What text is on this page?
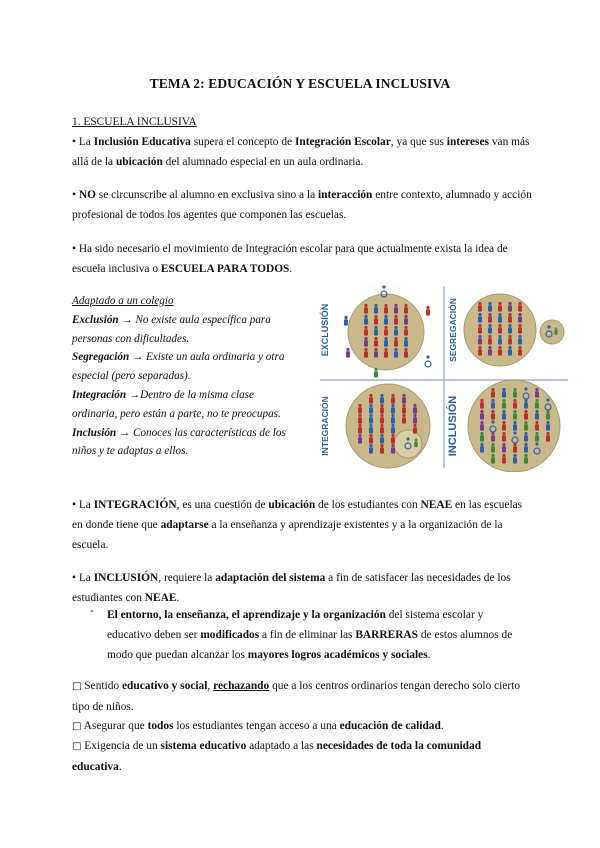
TEMA 2: EDUCACIÓN Y ESCUELA INCLUSIVA
1. ESCUELA INCLUSIVA
• La Inclusión Educativa supera el concepto de Integración Escolar, ya que sus intereses van más allá de la ubicación del alumnado especial en un aula ordinaria.
• NO se circunscribe al alumno en exclusiva sino a la interacción entre contexto, alumnado y acción profesional de todos los agentes que componen las escuelas.
• Ha sido necesario el movimiento de Integración escolar para que actualmente exista la idea de escuela inclusiva o ESCUELA PARA TODOS.
Adaptado a un colegio
Exclusión → No existe aula específica para personas con dificultades.
Segregación → Existe un aula ordinaria y otra especial (pero separadas).
Integración →Dentro de la misma clase ordinaria, pero están a parte, no te preocupas.
Inclusión → Conoces las características de los niños y te adaptas a ellos.
EXCLUSIÓN	SEGREGACIÓN
INTEGRACIÓN	INCLUSIÓN
• La INTEGRACIÓN, es una cuestión de ubicación de los estudiantes con NEAE en las escuelas en donde tiene que adaptarse a la enseñanza y aprendizaje existentes y a la organización de la escuela.
• La INCLUSIÓN, requiere la adaptación del sistema a fin de satisfacer las necesidades de los estudiantes con NEAE.
- El entorno, la enseñanza, el aprendizaje y la organización del sistema escolar y educativo deben ser modificados a fin de eliminar las BARRERAS de estos alumnos de modo que puedan alcanzar los mayores logros académicos y sociales.
□ Sentido educativo y social, rechazando que a los centros ordinarios tengan derecho solo cierto tipo de niños.
□ Asegurar que todos los estudiantes tengan acceso a una educación de calidad.
□ Exigencia de un sistema educativo adaptado a las necesidades de toda la comunidad educativa.
